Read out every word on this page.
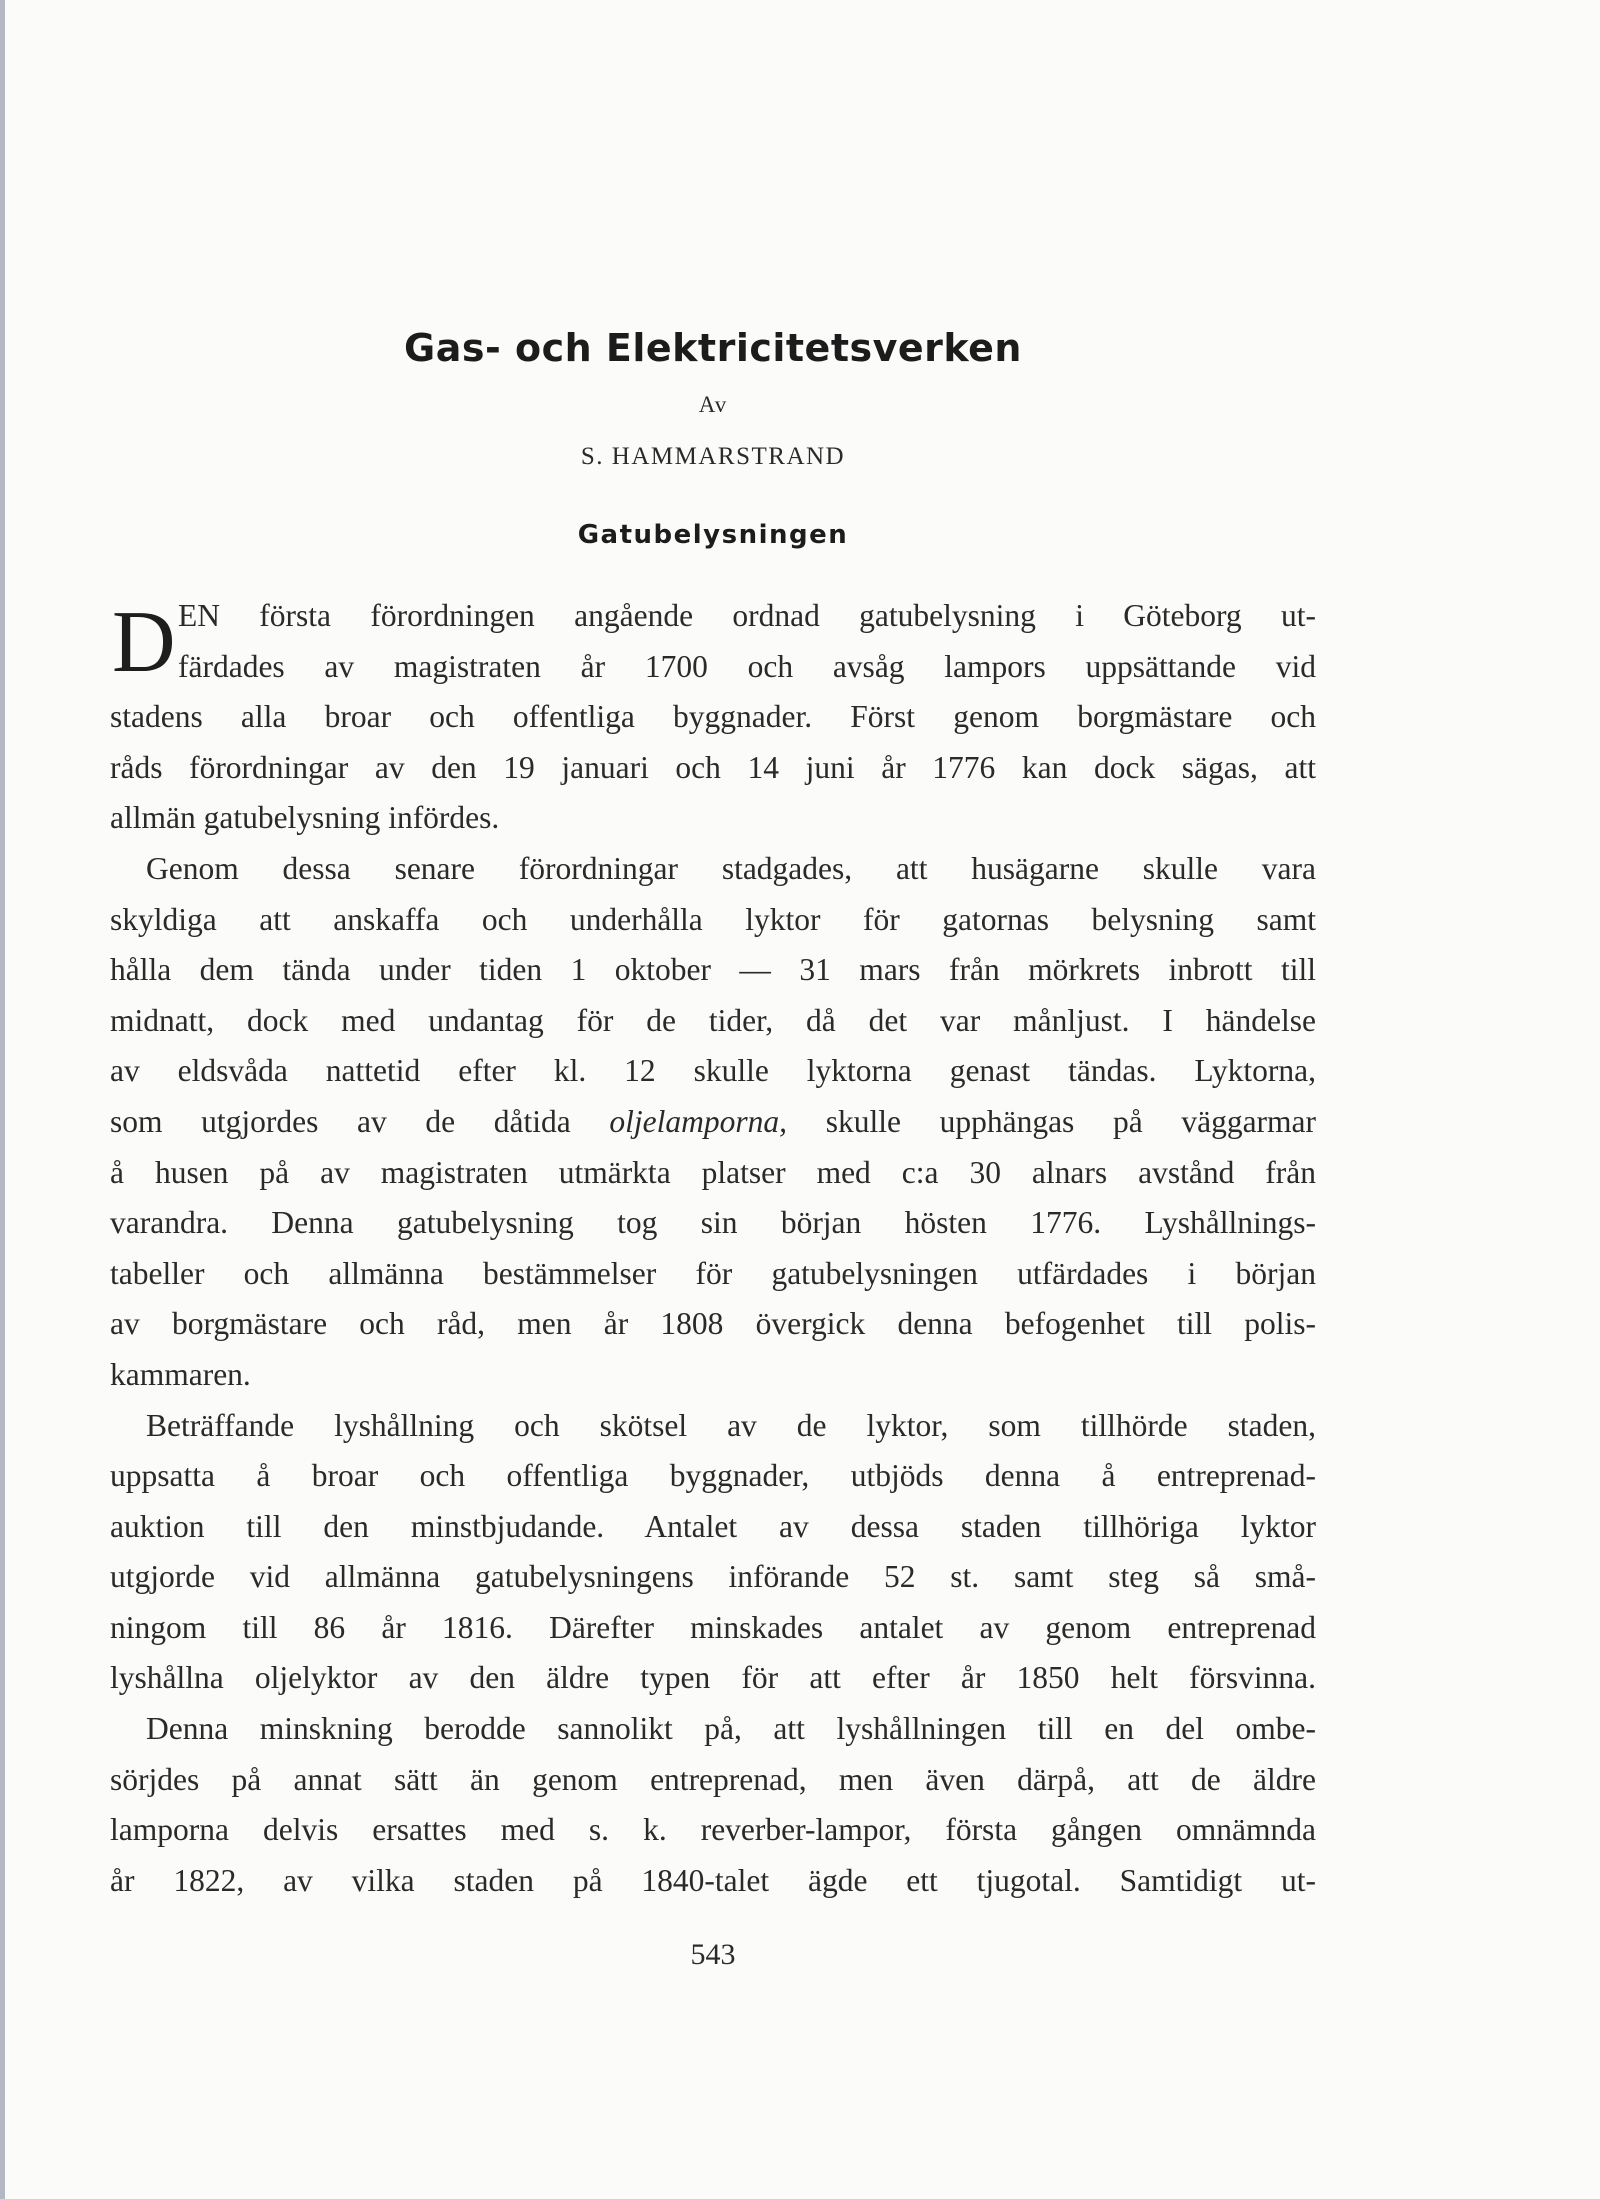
Gas- och Elektricitetsverken
Av
S. HAMMARSTRAND
Gatubelysningen
D EN första förordningen angående ordnad gatubelysning i Göteborg ut-
färdades av magistraten år 1700 och avsåg lampors uppsättande vid
stadens alla broar och offentliga byggnader. Först genom borgmästare och
råds förordningar av den 19 januari och 14 juni år 1776 kan dock sägas, att
allmän gatubelysning infördes.
Genom dessa senare förordningar stadgades, att husägarne skulle vara
skyldiga att anskaffa och underhålla lyktor för gatornas belysning samt
hålla dem tända under tiden 1 oktober — 31 mars från mörkrets inbrott till
midnatt, dock med undantag för de tider, då det var månljust. I händelse
av eldsvåda nattetid efter kl. 12 skulle lyktorna genast tändas. Lyktorna,
som utgjordes av de dåtida oljelamporna, skulle upphängas på väggarmar
å husen på av magistraten utmärkta platser med c:a 30 alnars avstånd från
varandra. Denna gatubelysning tog sin början hösten 1776. Lyshållnings-
tabeller och allmänna bestämmelser för gatubelysningen utfärdades i början
av borgmästare och råd, men år 1808 övergick denna befogenhet till polis-
kammaren.
Beträffande lyshållning och skötsel av de lyktor, som tillhörde staden,
uppsatta å broar och offentliga byggnader, utbjöds denna å entreprenad-
auktion till den minstbjudande. Antalet av dessa staden tillhöriga lyktor
utgjorde vid allmänna gatubelysningens införande 52 st. samt steg så små-
ningom till 86 år 1816. Därefter minskades antalet av genom entreprenad
lyshållna oljelyktor av den äldre typen för att efter år 1850 helt försvinna.
Denna minskning berodde sannolikt på, att lyshållningen till en del ombe-
sörjdes på annat sätt än genom entreprenad, men även därpå, att de äldre
lamporna delvis ersattes med s. k. reverber-lampor, första gången omnämnda
år 1822, av vilka staden på 1840-talet ägde ett tjugotal. Samtidigt ut-
543
